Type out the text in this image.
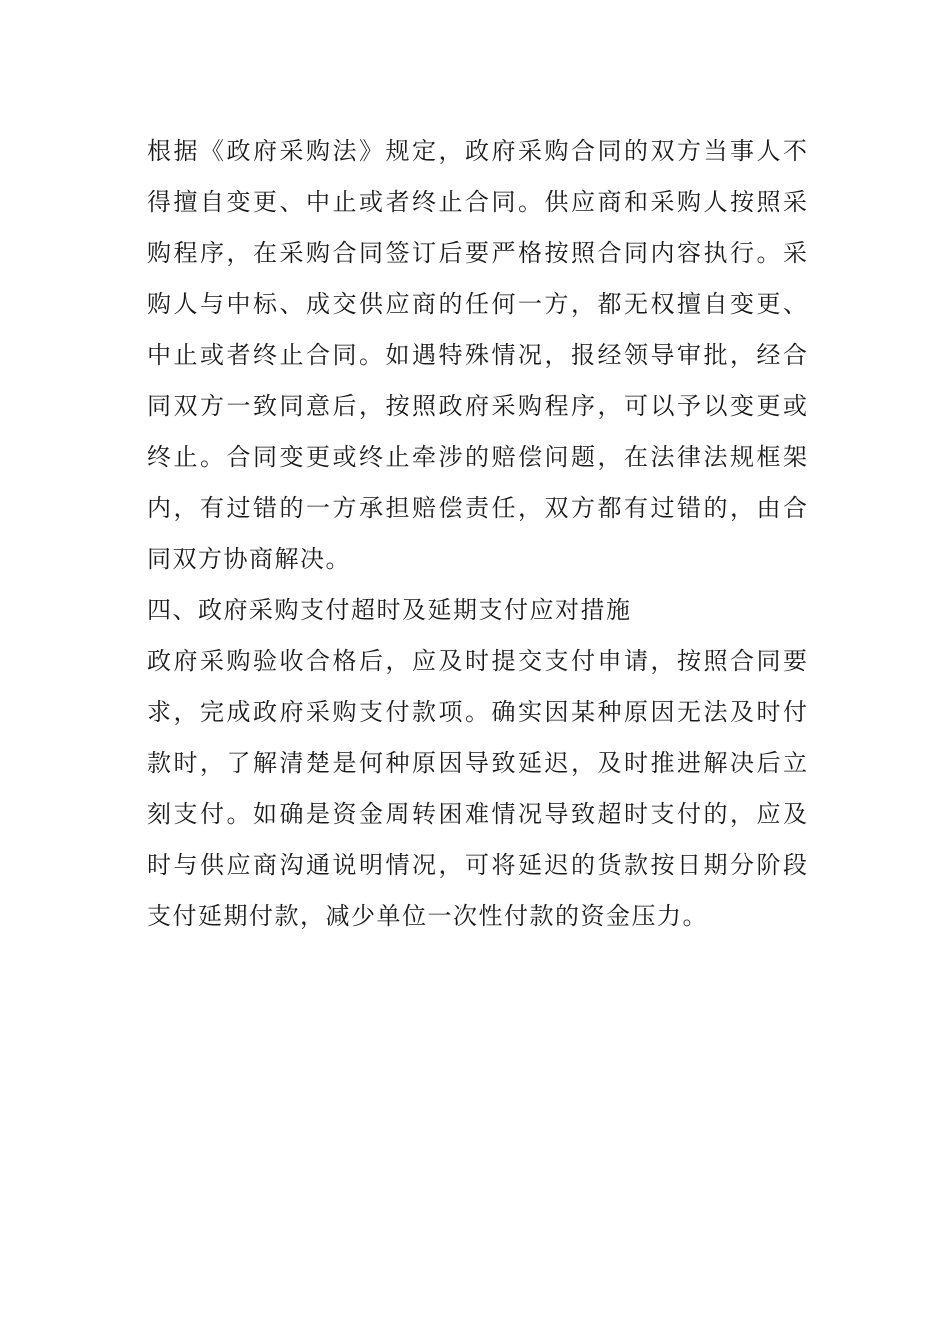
根据《政府采购法》规定，政府采购合同的双方当事人不
得擅自变更、中止或者终止合同。供应商和采购人按照采
购程序，在采购合同签订后要严格按照合同内容执行。采
购人与中标、成交供应商的任何一方，都无权擅自变更、
中止或者终止合同。如遇特殊情况，报经领导审批，经合
同双方一致同意后，按照政府采购程序，可以予以变更或
终止。合同变更或终止牵涉的赔偿问题，在法律法规框架
内，有过错的一方承担赔偿责任，双方都有过错的，由合
同双方协商解决。
四、政府采购支付超时及延期支付应对措施
政府采购验收合格后，应及时提交支付申请，按照合同要
求，完成政府采购支付款项。确实因某种原因无法及时付
款时，了解清楚是何种原因导致延迟，及时推进解决后立
刻支付。如确是资金周转困难情况导致超时支付的，应及
时与供应商沟通说明情况，可将延迟的货款按日期分阶段
支付延期付款，减少单位一次性付款的资金压力。
